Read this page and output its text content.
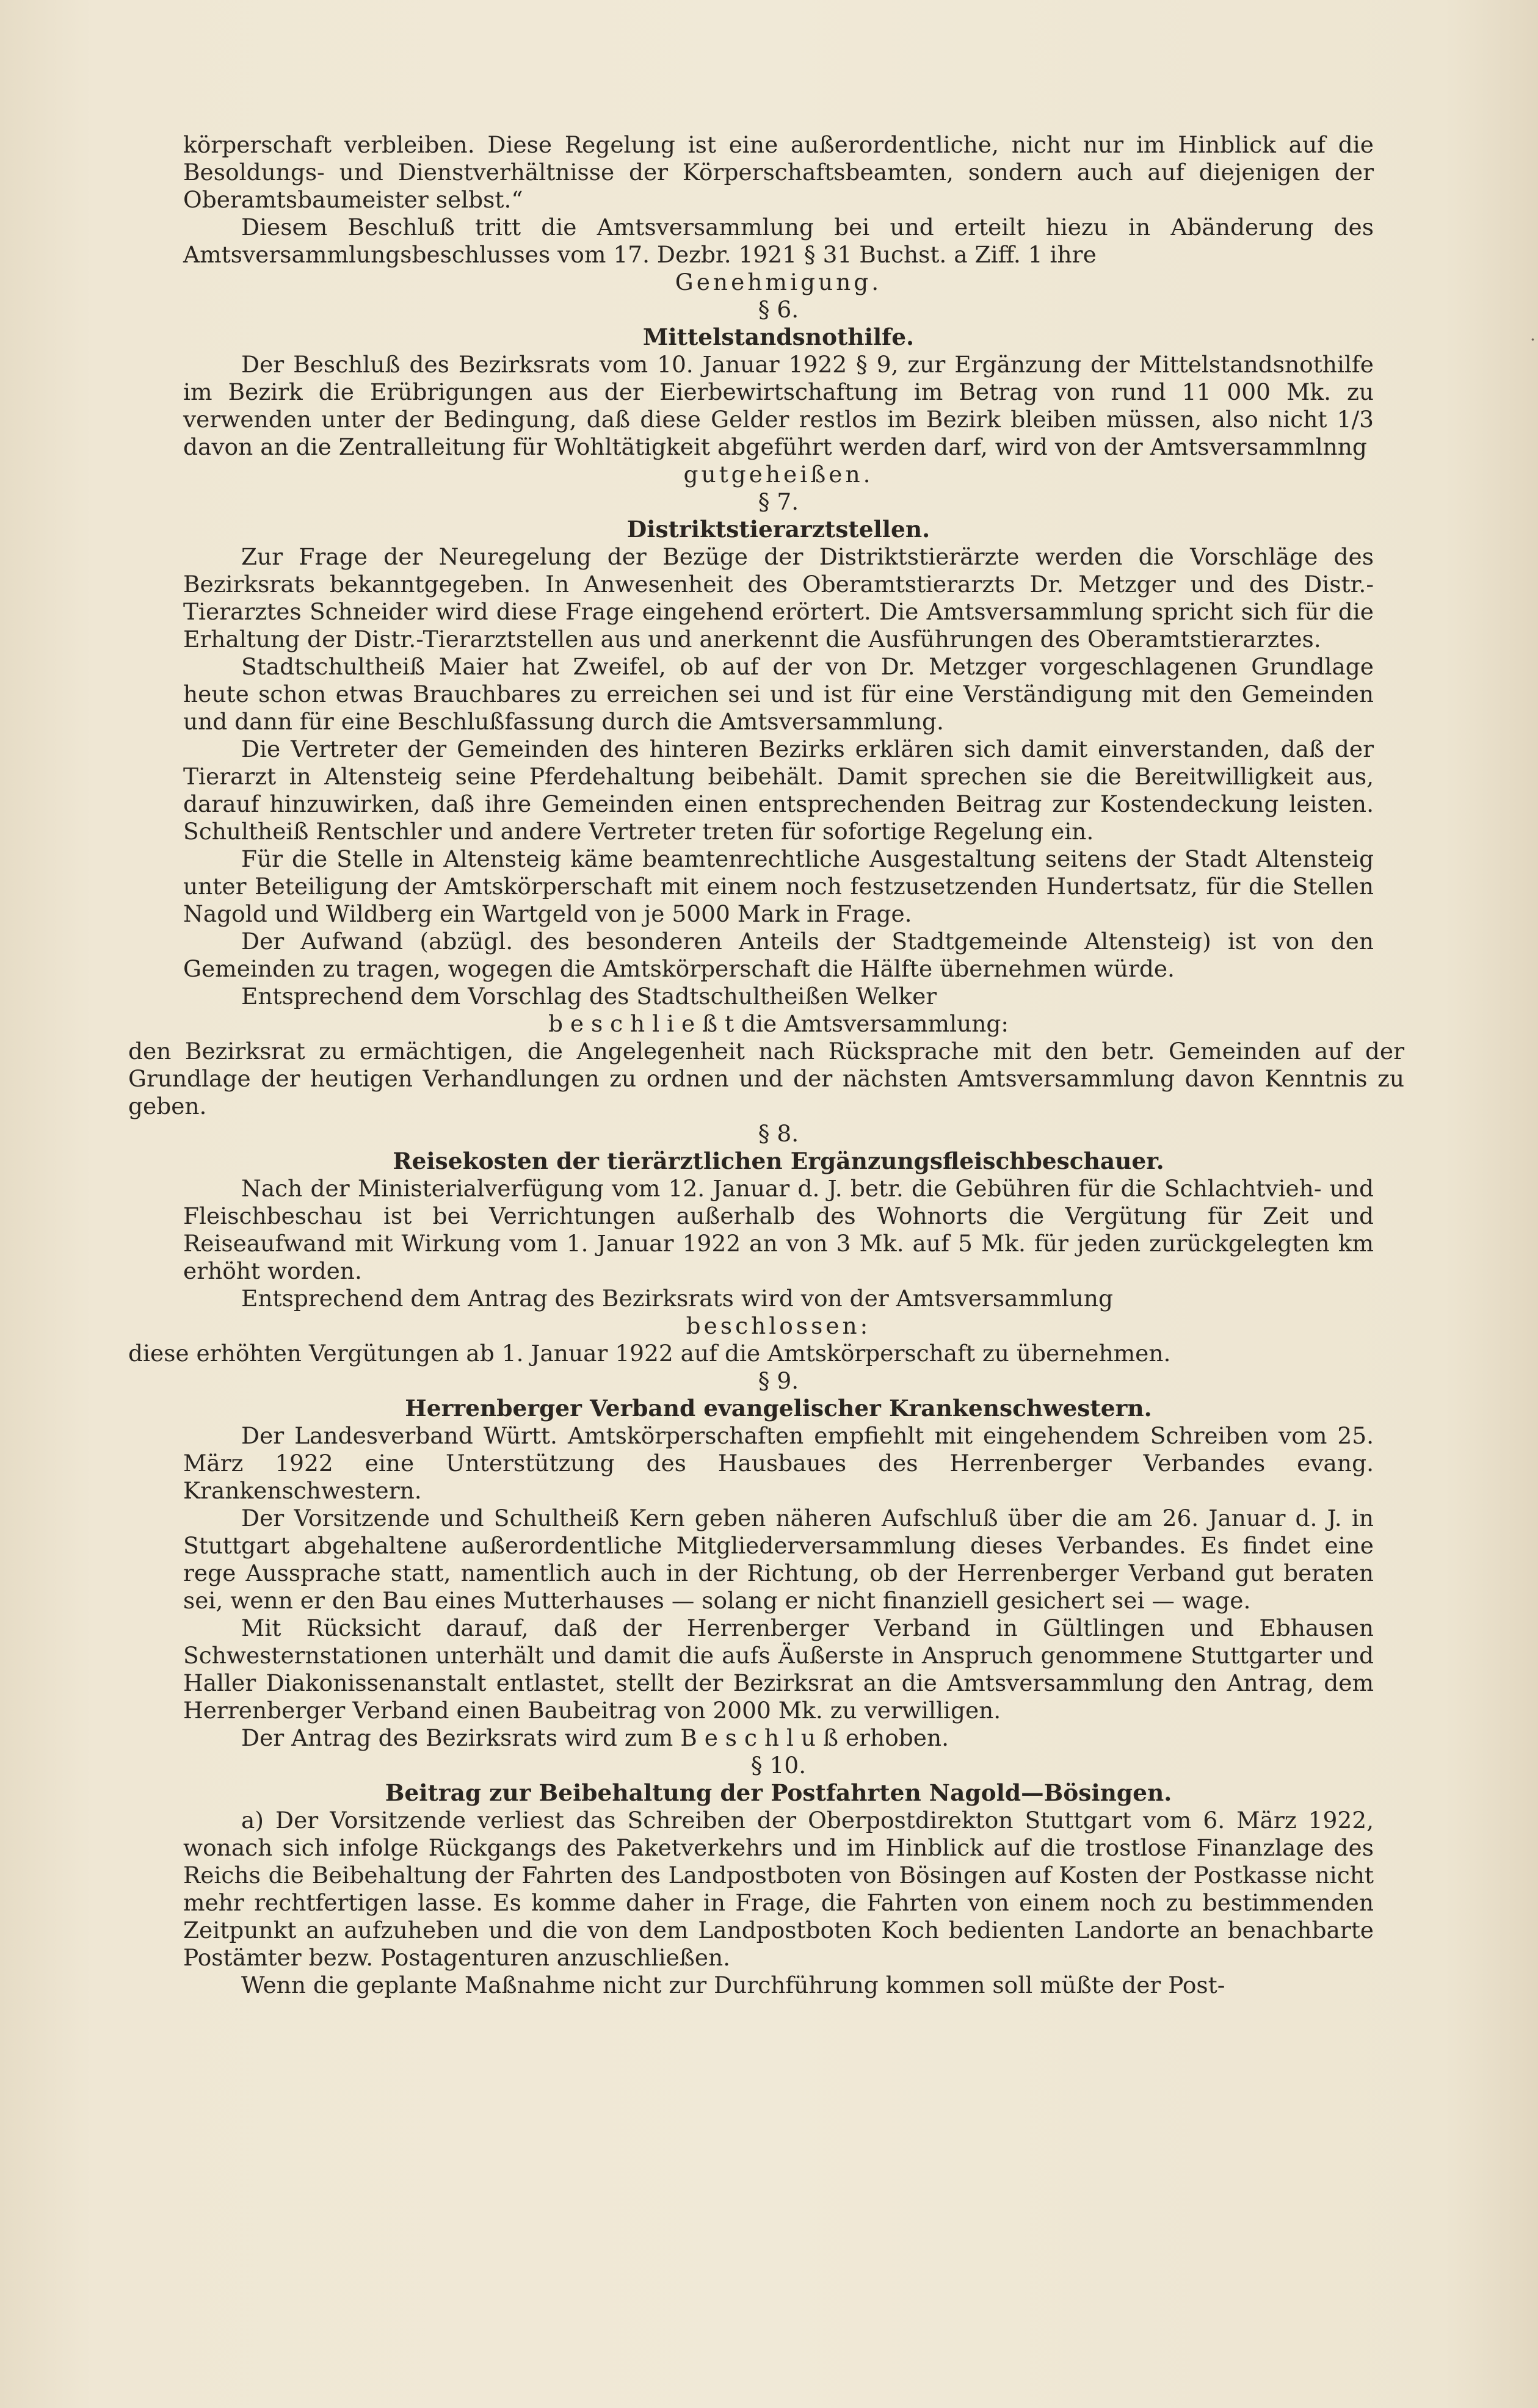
körperschaft verbleiben. Diese Regelung ist eine außerordentliche, nicht nur im Hinblick auf die Besoldungs- und Dienstverhältnisse der Körperschaftsbeamten, sondern auch auf diejenigen der Oberamtsbaumeister selbst.“

Diesem Beschluß tritt die Amtsversammlung bei und erteilt hiezu in Abänderung des Amtsversammlungsbeschlusses vom 17. Dezbr. 1921 § 31 Buchst. a Ziff. 1 ihre

Genehmigung.

§ 6.

Mittelstandsnothilfe.

Der Beschluß des Bezirksrats vom 10. Januar 1922 § 9, zur Ergänzung der Mittelstandsnothilfe im Bezirk die Erübrigungen aus der Eierbewirtschaftung im Betrag von rund 11 000 Mk. zu verwenden unter der Bedingung, daß diese Gelder restlos im Bezirk bleiben müssen, also nicht 1/3 davon an die Zentralleitung für Wohltätigkeit abgeführt werden darf, wird von der Amtsversammlnng

gutgeheißen.

§ 7.

Distriktstierarztstellen.

Zur Frage der Neuregelung der Bezüge der Distriktstierärzte werden die Vorschläge des Bezirksrats bekanntgegeben. In Anwesenheit des Oberamtstierarzts Dr. Metzger und des Distr.-Tierarztes Schneider wird diese Frage eingehend erörtert. Die Amtsversammlung spricht sich für die Erhaltung der Distr.-Tierarztstellen aus und anerkennt die Ausführungen des Oberamtstierarztes.

Stadtschultheiß Maier hat Zweifel, ob auf der von Dr. Metzger vorgeschlagenen Grundlage heute schon etwas Brauchbares zu erreichen sei und ist für eine Verständigung mit den Gemeinden und dann für eine Beschlußfassung durch die Amtsversammlung.

Die Vertreter der Gemeinden des hinteren Bezirks erklären sich damit einverstanden, daß der Tierarzt in Altensteig seine Pferdehaltung beibehält. Damit sprechen sie die Bereitwilligkeit aus, darauf hinzuwirken, daß ihre Gemeinden einen entsprechenden Beitrag zur Kostendeckung leisten. Schultheiß Rentschler und andere Vertreter treten für sofortige Regelung ein.

Für die Stelle in Altensteig käme beamtenrechtliche Ausgestaltung seitens der Stadt Altensteig unter Beteiligung der Amtskörperschaft mit einem noch festzusetzenden Hundertsatz, für die Stellen Nagold und Wildberg ein Wartgeld von je 5000 Mark in Frage.

Der Aufwand (abzügl. des besonderen Anteils der Stadtgemeinde Altensteig) ist von den Gemeinden zu tragen, wogegen die Amtskörperschaft die Hälfte übernehmen würde.

Entsprechend dem Vorschlag des Stadtschultheißen Welker

b e s c h l i e ß t die Amtsversammlung:

den Bezirksrat zu ermächtigen, die Angelegenheit nach Rücksprache mit den betr. Gemeinden auf der Grundlage der heutigen Verhandlungen zu ordnen und der nächsten Amtsversammlung davon Kenntnis zu geben.

§ 8.

Reisekosten der tierärztlichen Ergänzungsfleischbeschauer.

Nach der Ministerialverfügung vom 12. Januar d. J. betr. die Gebühren für die Schlachtvieh- und Fleischbeschau ist bei Verrichtungen außerhalb des Wohnorts die Vergütung für Zeit und Reiseaufwand mit Wirkung vom 1. Januar 1922 an von 3 Mk. auf 5 Mk. für jeden zurückgelegten km erhöht worden.

Entsprechend dem Antrag des Bezirksrats wird von der Amtsversammlung

beschlossen:

diese erhöhten Vergütungen ab 1. Januar 1922 auf die Amtskörperschaft zu übernehmen.

§ 9.

Herrenberger Verband evangelischer Krankenschwestern.

Der Landesverband Württ. Amtskörperschaften empfiehlt mit eingehendem Schreiben vom 25. März 1922 eine Unterstützung des Hausbaues des Herrenberger Verbandes evang. Krankenschwestern.

Der Vorsitzende und Schultheiß Kern geben näheren Aufschluß über die am 26. Januar d. J. in Stuttgart abgehaltene außerordentliche Mitgliederversammlung dieses Verbandes. Es findet eine rege Aussprache statt, namentlich auch in der Richtung, ob der Herrenberger Verband gut beraten sei, wenn er den Bau eines Mutterhauses — solang er nicht finanziell gesichert sei — wage.

Mit Rücksicht darauf, daß der Herrenberger Verband in Gültlingen und Ebhausen Schwesternstationen unterhält und damit die aufs Äußerste in Anspruch genommene Stuttgarter und Haller Diakonissenanstalt entlastet, stellt der Bezirksrat an die Amtsversammlung den Antrag, dem Herrenberger Verband einen Baubeitrag von 2000 Mk. zu verwilligen.

Der Antrag des Bezirksrats wird zum B e s c h l u ß erhoben.

§ 10.

Beitrag zur Beibehaltung der Postfahrten Nagold—Bösingen.

a) Der Vorsitzende verliest das Schreiben der Oberpostdirekton Stuttgart vom 6. März 1922, wonach sich infolge Rückgangs des Paketverkehrs und im Hinblick auf die trostlose Finanzlage des Reichs die Beibehaltung der Fahrten des Landpostboten von Bösingen auf Kosten der Postkasse nicht mehr rechtfertigen lasse. Es komme daher in Frage, die Fahrten von einem noch zu bestimmenden Zeitpunkt an aufzuheben und die von dem Landpostboten Koch bedienten Landorte an benachbarte Postämter bezw. Postagenturen anzuschließen.

Wenn die geplante Maßnahme nicht zur Durchführung kommen soll müßte der Post-

·
